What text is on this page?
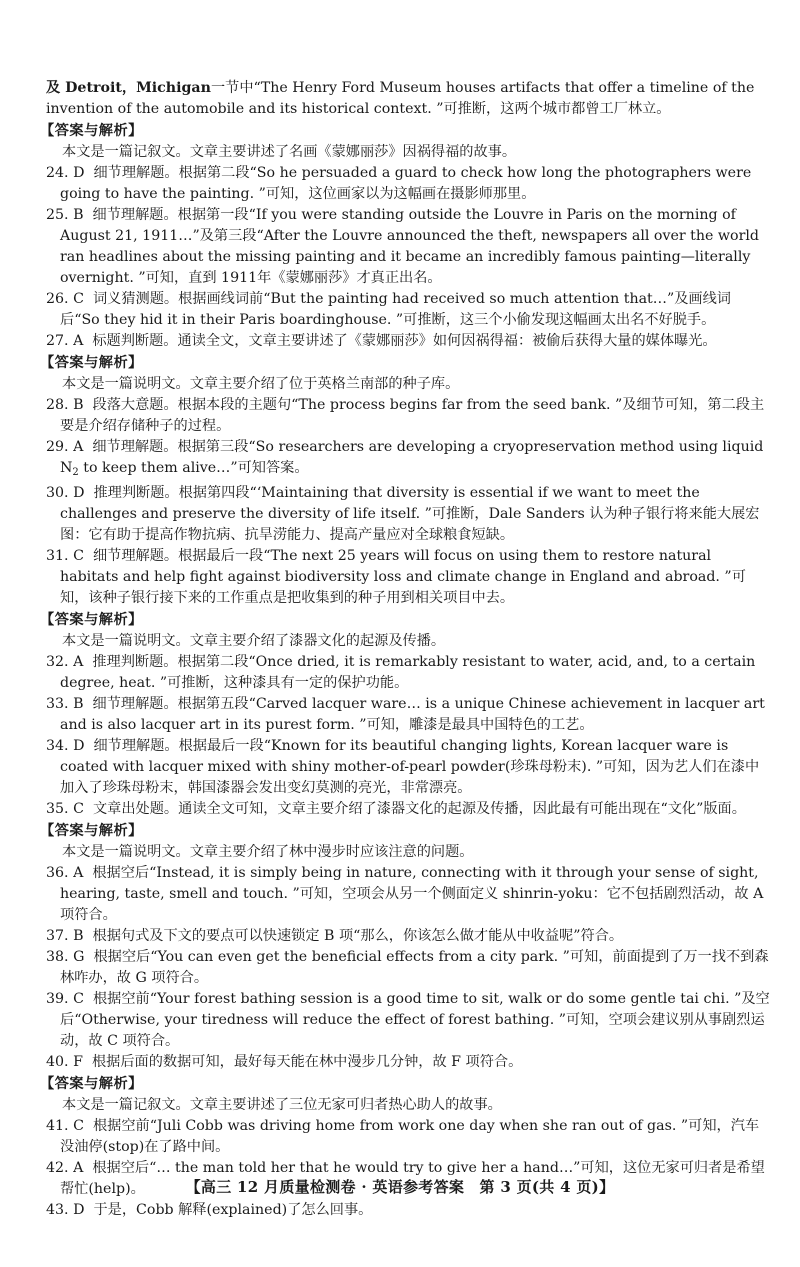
及 Detroit，Michigan一节中“The Henry Ford Museum houses artifacts that offer a timeline of the invention of the automobile and its historical context. ”可推断，这两个城市都曾工厂林立。

【答案与解析】

本文是一篇记叙文。文章主要讲述了名画《蒙娜丽莎》因祸得福的故事。

24. D 细节理解题。根据第二段“So he persuaded a guard to check how long the photographers were going to have the painting. ”可知，这位画家以为这幅画在摄影师那里。

25. B 细节理解题。根据第一段“If you were standing outside the Louvre in Paris on the morning of August 21, 1911…”及第三段“After the Louvre announced the theft, newspapers all over the world ran headlines about the missing painting and it became an incredibly famous painting—literally overnight. ”可知，直到 1911年《蒙娜丽莎》才真正出名。

26. C 词义猜测题。根据画线词前“But the painting had received so much attention that…”及画线词后“So they hid it in their Paris boardinghouse. ”可推断，这三个小偷发现这幅画太出名不好脱手。

27. A 标题判断题。通读全文，文章主要讲述了《蒙娜丽莎》如何因祸得福：被偷后获得大量的媒体曝光。

【答案与解析】

本文是一篇说明文。文章主要介绍了位于英格兰南部的种子库。

28. B 段落大意题。根据本段的主题句“The process begins far from the seed bank. ”及细节可知，第二段主要是介绍存储种子的过程。

29. A 细节理解题。根据第三段“So researchers are developing a cryopreservation method using liquid $N_2$ to keep them alive…”可知答案。

30. D 推理判断题。根据第四段“‘Maintaining that diversity is essential if we want to meet the challenges and preserve the diversity of life itself. ”可推断，Dale Sanders 认为种子银行将来能大展宏图：它有助于提高作物抗病、抗旱涝能力、提高产量应对全球粮食短缺。

31. C 细节理解题。根据最后一段“The next 25 years will focus on using them to restore natural habitats and help fight against biodiversity loss and climate change in England and abroad. ”可知，该种子银行接下来的工作重点是把收集到的种子用到相关项目中去。

【答案与解析】

本文是一篇说明文。文章主要介绍了漆器文化的起源及传播。

32. A 推理判断题。根据第二段“Once dried, it is remarkably resistant to water, acid, and, to a certain degree, heat. ”可推断，这种漆具有一定的保护功能。

33. B 细节理解题。根据第五段“Carved lacquer ware… is a unique Chinese achievement in lacquer art and is also lacquer art in its purest form. ”可知，雕漆是最具中国特色的工艺。

34. D 细节理解题。根据最后一段“Known for its beautiful changing lights, Korean lacquer ware is coated with lacquer mixed with shiny mother-of-pearl powder(珍珠母粉末). ”可知，因为艺人们在漆中加入了珍珠母粉末，韩国漆器会发出变幻莫测的亮光，非常漂亮。

35. C 文章出处题。通读全文可知，文章主要介绍了漆器文化的起源及传播，因此最有可能出现在“文化”版面。

【答案与解析】

本文是一篇说明文。文章主要介绍了林中漫步时应该注意的问题。

36. A 根据空后“Instead, it is simply being in nature, connecting with it through your sense of sight, hearing, taste, smell and touch. ”可知，空项会从另一个侧面定义 shinrin-yoku：它不包括剧烈活动，故 A 项符合。

37. B 根据句式及下文的要点可以快速锁定 B 项“那么，你该怎么做才能从中收益呢”符合。

38. G 根据空后“You can even get the beneficial effects from a city park. ”可知，前面提到了万一找不到森林咋办，故 G 项符合。

39. C 根据空前“Your forest bathing session is a good time to sit, walk or do some gentle tai chi. ”及空后“Otherwise, your tiredness will reduce the effect of forest bathing. ”可知，空项会建议别从事剧烈运动，故 C 项符合。

40. F 根据后面的数据可知，最好每天能在林中漫步几分钟，故 F 项符合。

【答案与解析】

本文是一篇记叙文。文章主要讲述了三位无家可归者热心助人的故事。

41. C 根据空前“Juli Cobb was driving home from work one day when she ran out of gas. ”可知，汽车没油停(stop)在了路中间。

42. A 根据空后“… the man told her that he would try to give her a hand…”可知，这位无家可归者是希望帮忙(help)。

43. D 于是，Cobb 解释(explained)了怎么回事。

【高三 12 月质量检测卷 · 英语参考答案　第 3 页(共 4 页)】
